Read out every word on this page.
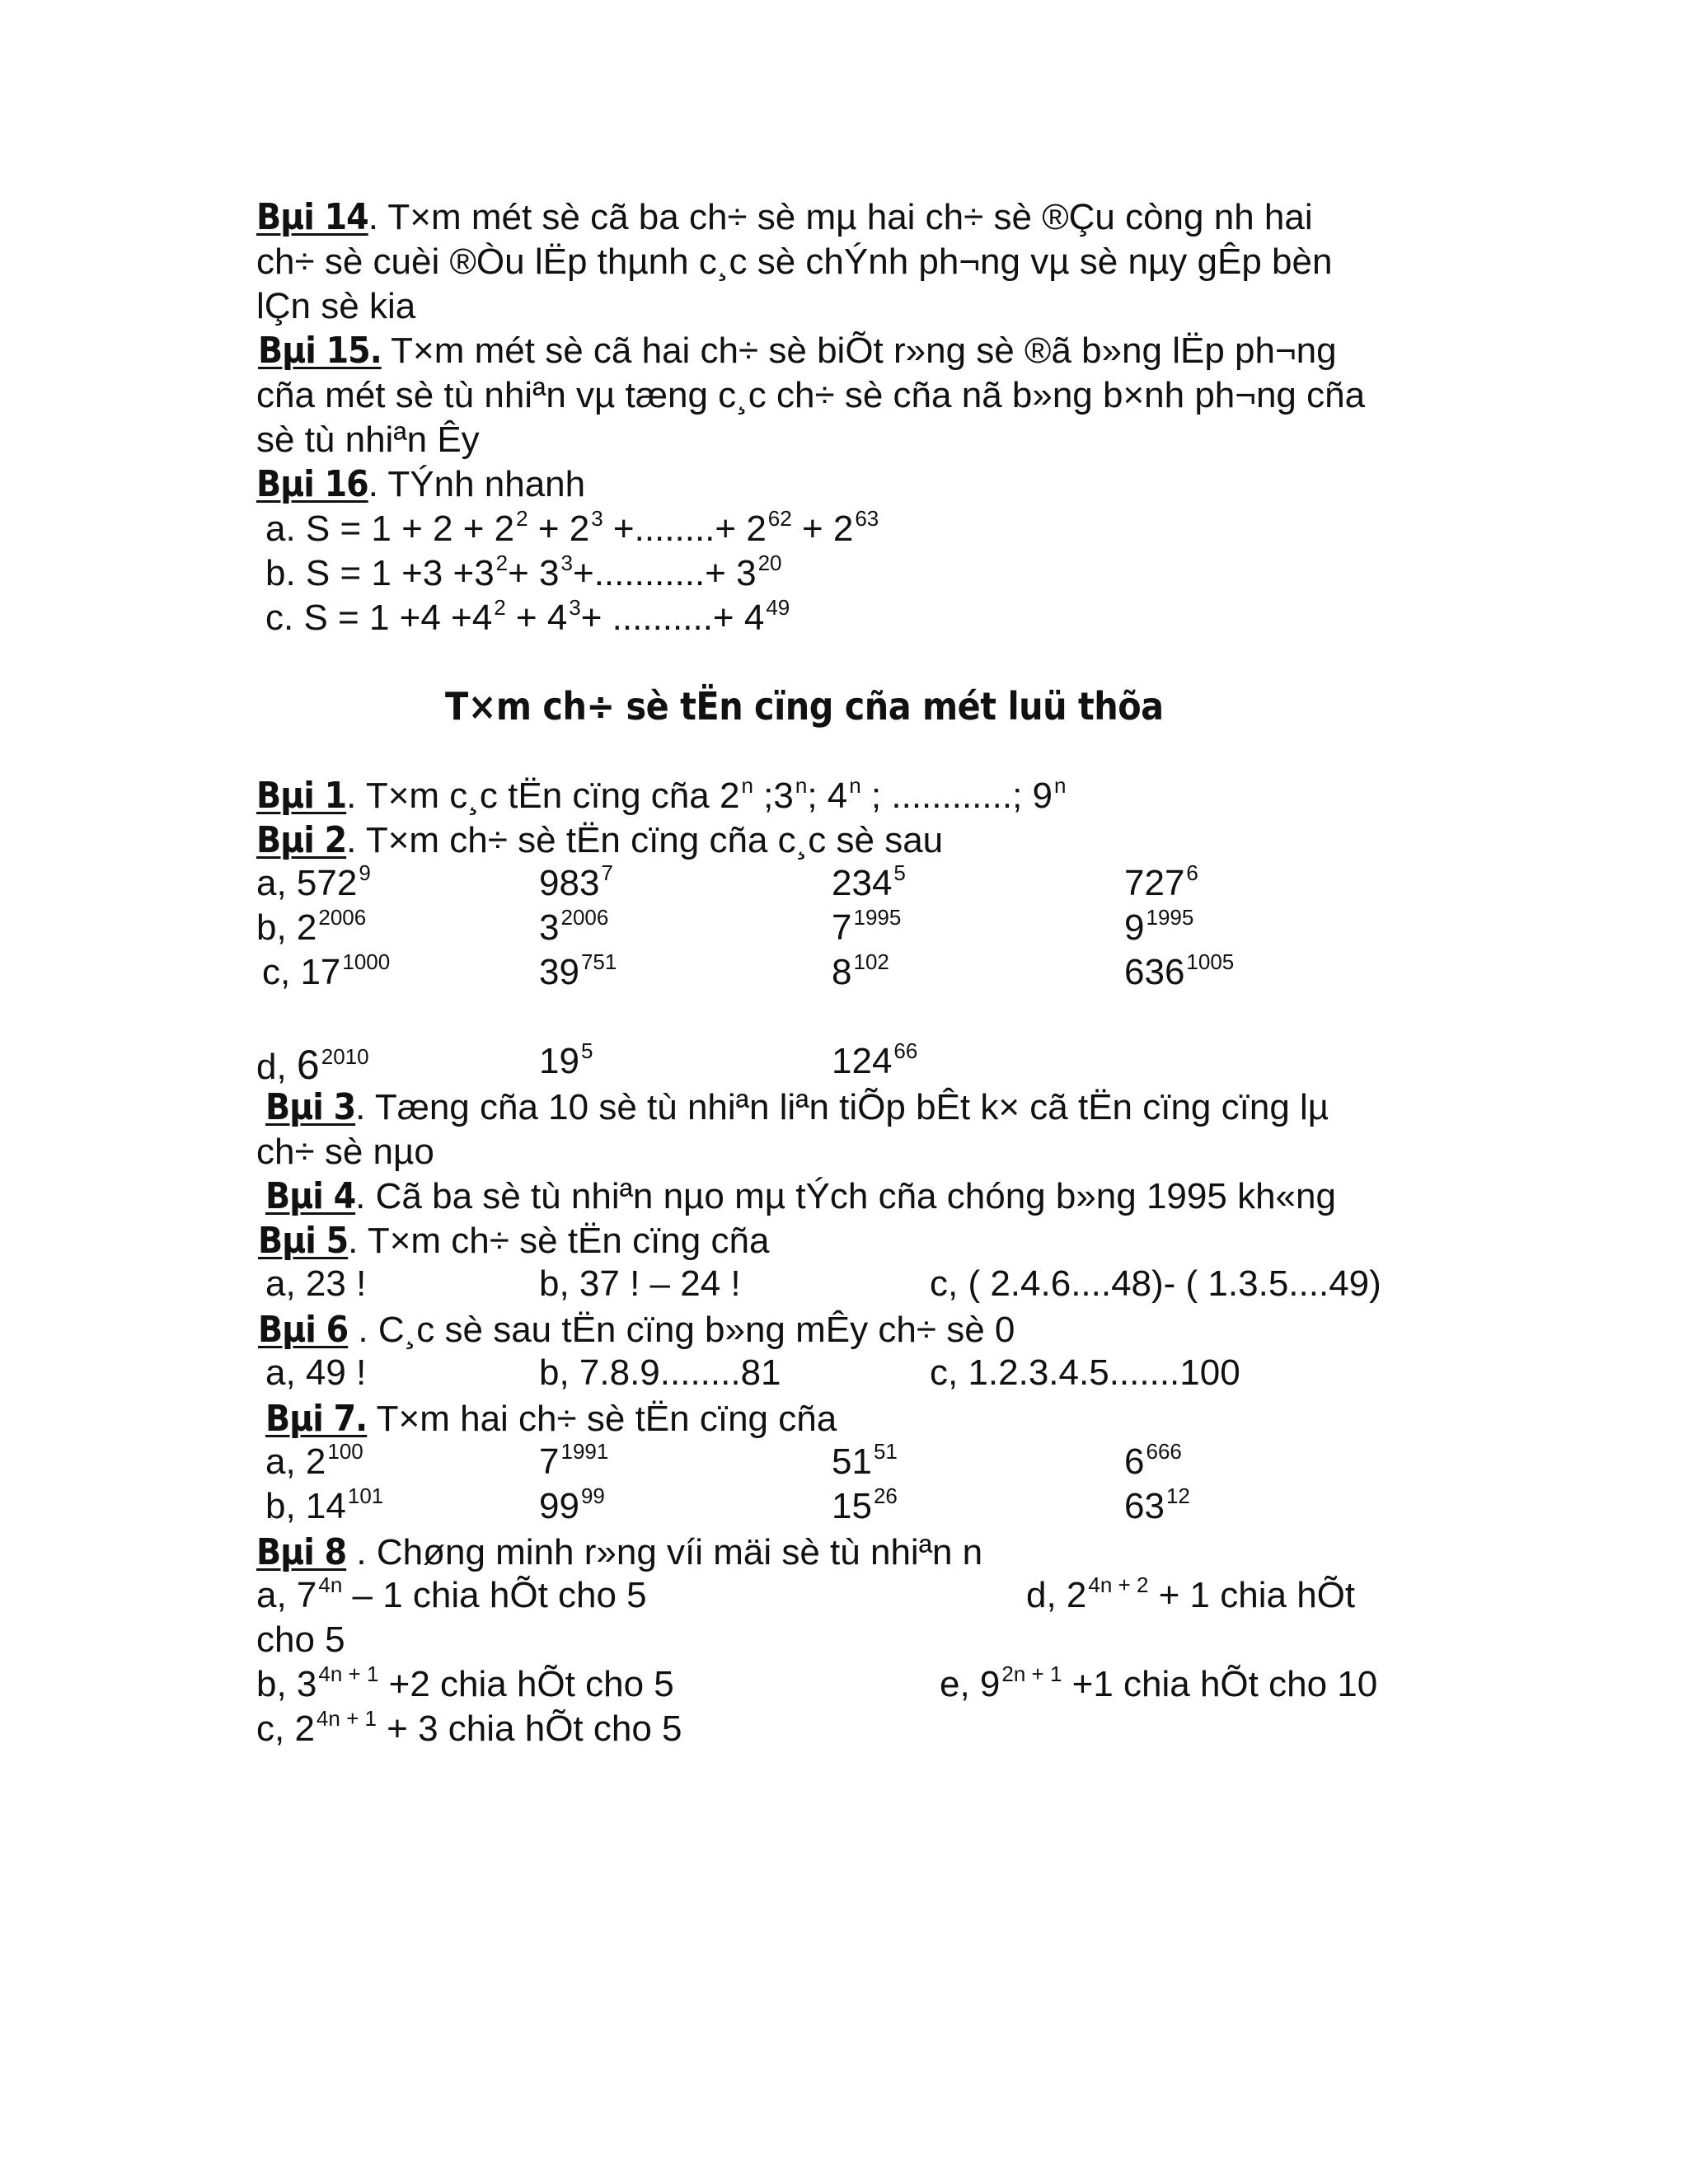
Bµi 14. T×m mét sè cã ba ch÷ sè mµ hai ch÷ sè ®Çu còng nh hai
ch÷ sè cuèi ®Òu lËp thµnh c¸c sè chÝnh ph¬ng vµ sè nµy gÊp bèn
lÇn sè kia
Bµi 15. T×m mét sè cã hai ch÷ sè biÕt r»ng sè ®ã b»ng lËp ph¬ng
cña mét sè tù nhiªn vµ tæng c¸c ch÷ sè cña nã b»ng b×nh ph¬ng cña
sè tù nhiªn Êy
Bµi 16. TÝnh nhanh
a. $S = 1 + 2 + 2^2 + 2^3$ +........+ $2^{62} + 2^{63}$
b. $S = 1 +3 +3^2+ 3^3+...........+ 3^{20}$
c. $S = 1 +4 +4^2 + 4^3+$ ..........+ $4^{49}$
T×m ch÷ sè tËn cïng cña mét luü thõa
Bµi 1. T×m c¸c tËn cïng cña 2$^n$ ;3$^n$; 4$^n$ ; ............; 9$^n$
Bµi 2. T×m ch÷ sè tËn cïng cña c¸c sè sau
a, $572^9$	$983^7$	$234^5$	$727^6$
b, $2^{2006}$	$3^{2006}$	$7^{1995}$	$9^{1995}$
c, $17^{1000}$	$39^{751}$	$8^{102}$	$636^{1005}$
d, $6^{2010}$	$19^5$	$124^{66}$
Bµi 3. Tæng cña 10 sè tù nhiªn liªn tiÕp bÊt k× cã tËn cïng cïng lµ
ch÷ sè nµo
Bµi 4. Cã ba sè tù nhiªn nµo mµ tÝch cña chóng b»ng 1995 kh«ng
Bµi 5. T×m ch÷ sè tËn cïng cña
a, 23 !	b, 37 ! – 24 !	c, ( 2.4.6....48)- ( 1.3.5....49)
Bµi 6 . C¸c sè sau tËn cïng b»ng mÊy ch÷ sè 0
a, 49 !	b, 7.8.9........81	c, 1.2.3.4.5.......100
Bµi 7. T×m hai ch÷ sè tËn cïng cña
a, $2^{100}$	$7^{1991}$	$51^{51}$	$6^{666}$
b, $14^{101}$	$99^{99}$	$15^{26}$	$63^{12}$
Bµi 8 . Chøng minh r»ng víi mäi sè tù nhiªn n
a, $7^{4n} - 1$ chia hÕt cho 5	d, $2^{4n + 2} + 1$ chia hÕt
cho 5
b, $3^{4n + 1} +2$ chia hÕt cho 5	e, $9^{2n + 1} +1$ chia hÕt cho 10
c, $2^{4n + 1} + 3$ chia hÕt cho 5
